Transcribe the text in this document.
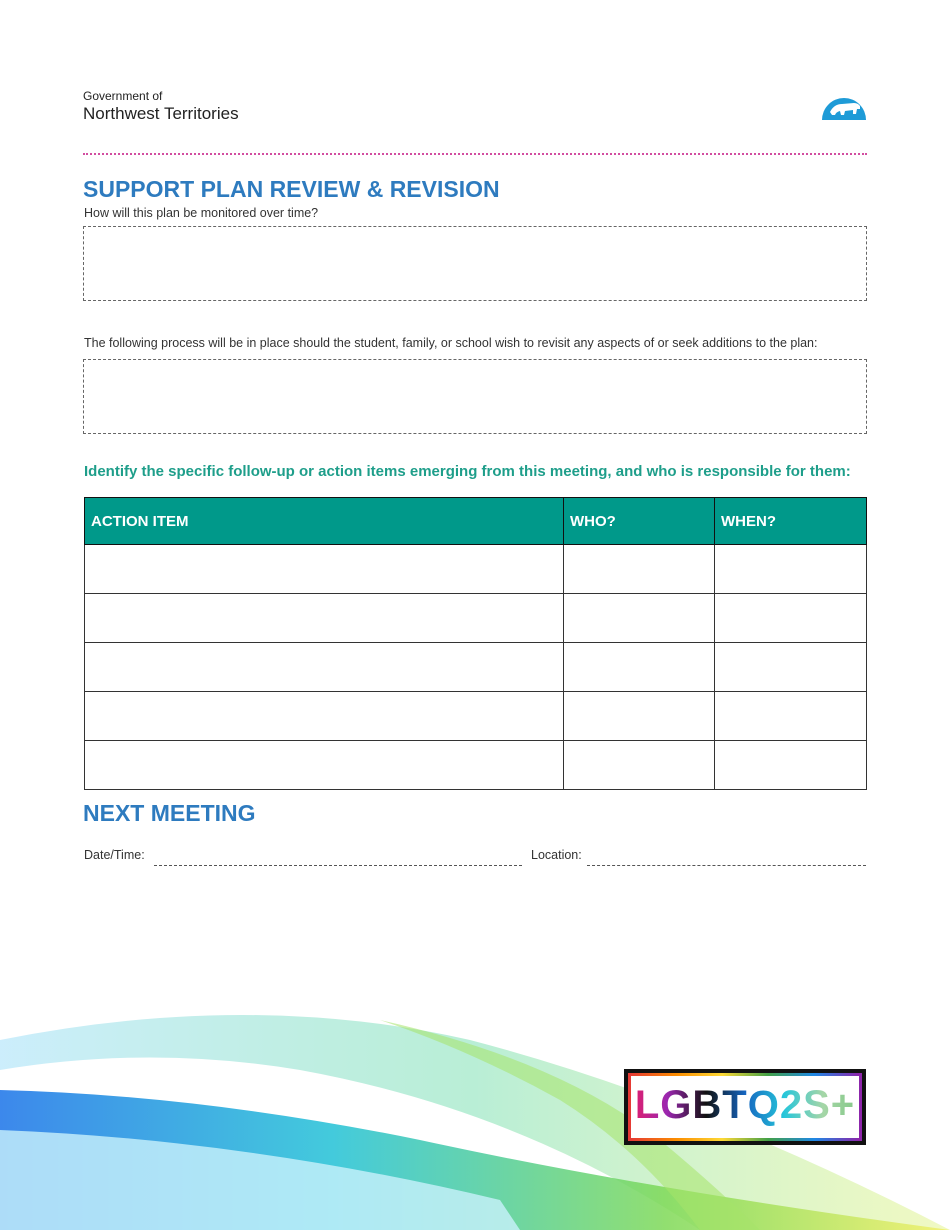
Government of
Northwest Territories
SUPPORT PLAN REVIEW & REVISION
How will this plan be monitored over time?
The following process will be in place should the student, family, or school wish to revisit any aspects of or seek additions to the plan:
Identify the specific follow-up or action items emerging from this meeting, and who is responsible for them:
ACTION ITEM	WHO?	WHEN?

NEXT MEETING
Date/Time:	Location:
LGBTQ2S+
